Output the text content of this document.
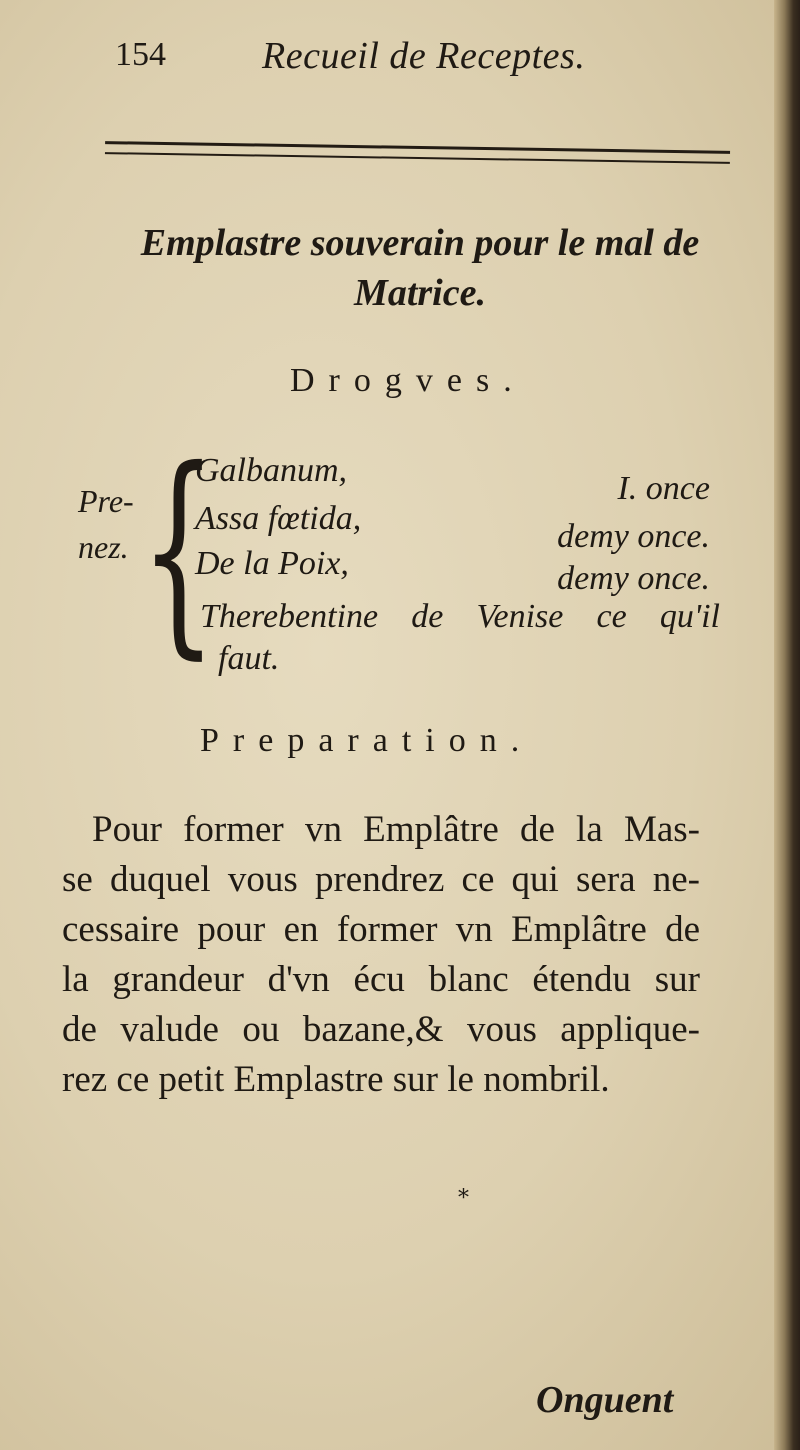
154	Recueil de Receptes.
Emplastre souverain pour le mal de
Matrice.
Drogves.
Pre-
nez. {
Galbanum,	I. once
Assa fœtida,	demy once.
De la Poix,	demy once.
Therebentine de Venise ce qu'il
faut.
Preparation.
Pour former vn Emplâtre de la Mas-
se duquel vous prendrez ce qui sera ne-
cessaire pour en former vn Emplâtre de
la grandeur d'vn écu blanc étendu sur
de valude ou bazane,& vous applique-
rez ce petit Emplastre sur le nombril.
*
Onguent
